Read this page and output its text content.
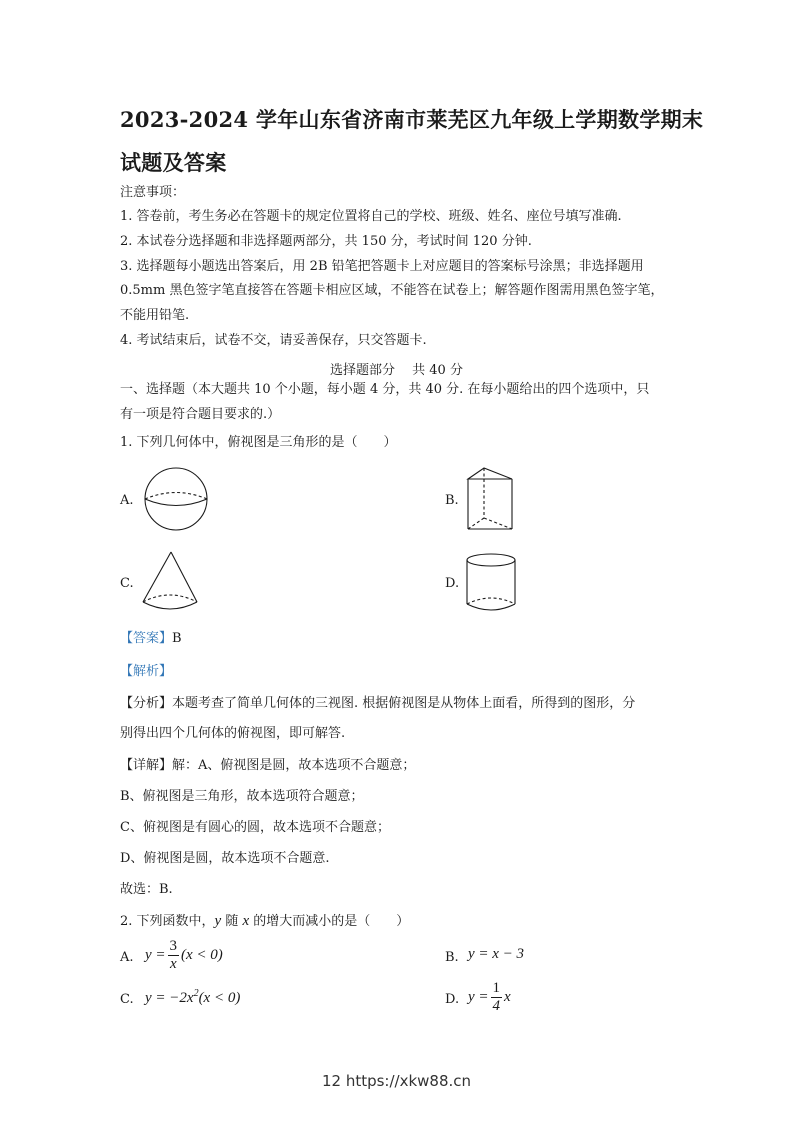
2023-2024 学年山东省济南市莱芜区九年级上学期数学期末
试题及答案
注意事项：
1. 答卷前，考生务必在答题卡的规定位置将自己的学校、班级、姓名、座位号填写准确.
2. 本试卷分选择题和非选择题两部分，共 150 分，考试时间 120 分钟.
3. 选择题每小题选出答案后，用 2B 铅笔把答题卡上对应题目的答案标号涂黑；非选择题用
0.5mm 黑色签字笔直接答在答题卡相应区域，不能答在试卷上；解答题作图需用黑色签字笔，
不能用铅笔.
4. 考试结束后，试卷不交，请妥善保存，只交答题卡.
选择题部分　 共 40 分
一、选择题（本大题共 10 个小题，每小题 4 分，共 40 分. 在每小题给出的四个选项中，只
有一项是符合题目要求的.）
1. 下列几何体中，俯视图是三角形的是（　　）
A.	B.
C.	D.
【答案】B
【解析】
【分析】本题考查了简单几何体的三视图. 根据俯视图是从物体上面看，所得到的图形，分
别得出四个几何体的俯视图，即可解答.
【详解】解：A、俯视图是圆，故本选项不合题意；
B、俯视图是三角形，故本选项符合题意；
C、俯视图是有圆心的圆，故本选项不合题意；
D、俯视图是圆，故本选项不合题意.
故选：B.
2. 下列函数中，y 随 x 的增大而减小的是（　　）
A. $y = \frac{3}{x} (x < 0)$	B. y = x − 3
C. $y = -2x^2(x < 0)$	D. $y = \frac{1}{4}$ x
12 https://xkw88.cn
